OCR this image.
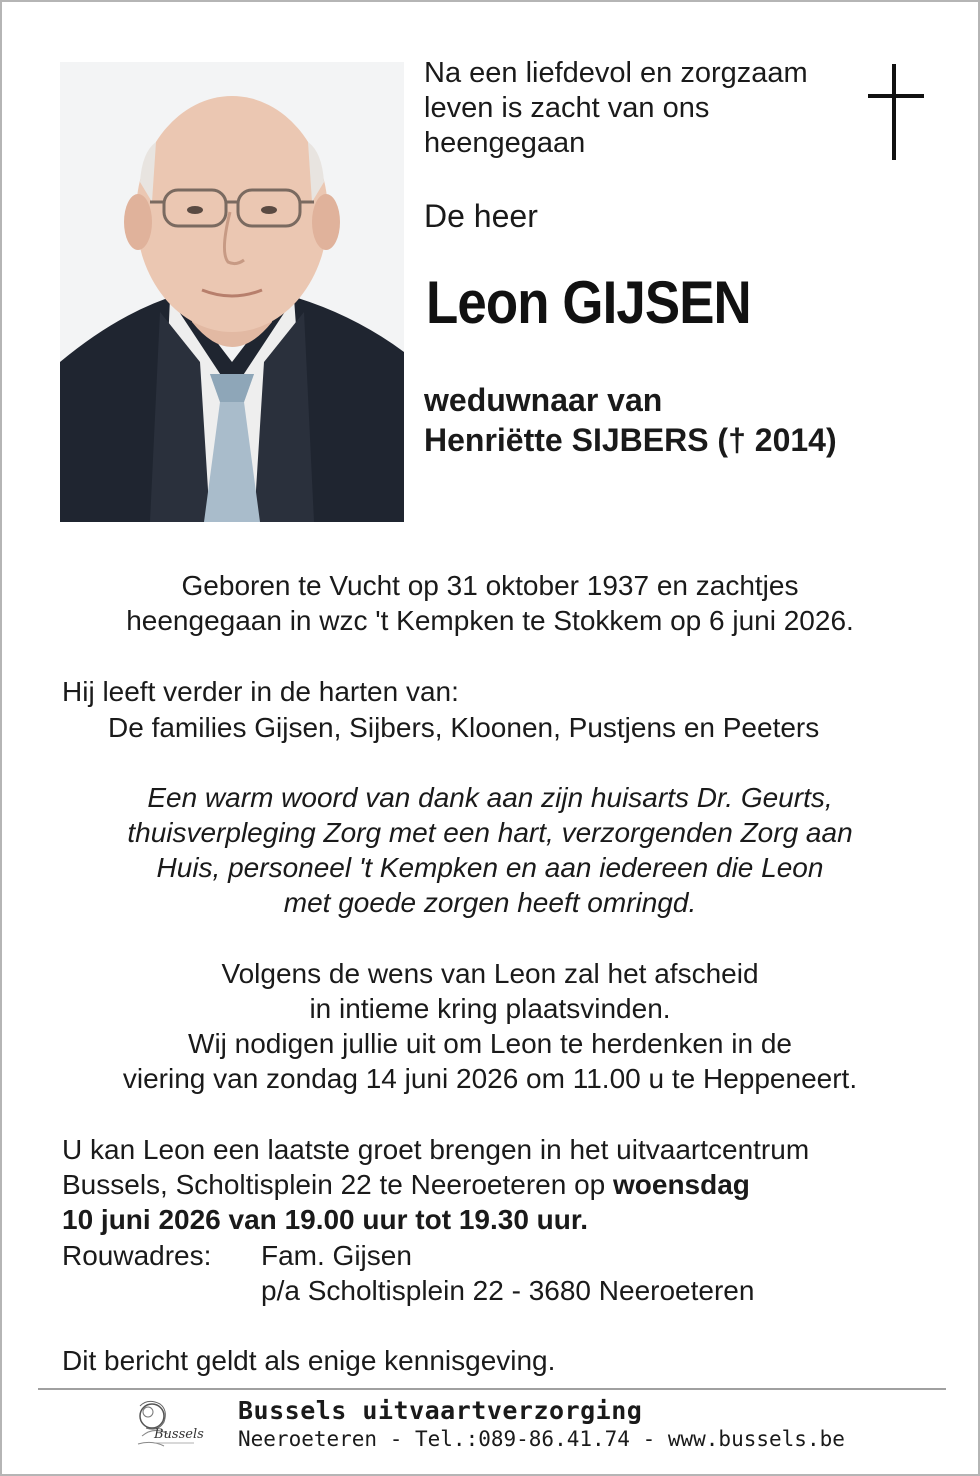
Na een liefdevol en zorgzaam
leven is zacht van ons
heengegaan
De heer
Leon GIJSEN
weduwnaar van
Henriëtte SIJBERS († 2014)
Geboren te Vucht op 31 oktober 1937 en zachtjes
heengegaan in wzc 't Kempken te Stokkem op 6 juni 2026.
Hij leeft verder in de harten van:
De families Gijsen, Sijbers, Kloonen, Pustjens en Peeters
Een warm woord van dank aan zijn huisarts Dr. Geurts,
thuisverpleging Zorg met een hart, verzorgenden Zorg aan
Huis, personeel 't Kempken en aan iedereen die Leon
met goede zorgen heeft omringd.
Volgens de wens van Leon zal het afscheid
in intieme kring plaatsvinden.
Wij nodigen jullie uit om Leon te herdenken in de
viering van zondag 14 juni 2026 om 11.00 u te Heppeneert.
U kan Leon een laatste groet brengen in het uitvaartcentrum
Bussels, Scholtisplein 22 te Neeroeteren op woensdag
10 juni 2026 van 19.00 uur tot 19.30 uur.
Rouwadres: Fam. Gijsen
p/a Scholtisplein 22 - 3680 Neeroeteren
Dit bericht geldt als enige kennisgeving.
Bussels
Bussels uitvaartverzorging
Neeroeteren - Tel.:089-86.41.74 - www.bussels.be
